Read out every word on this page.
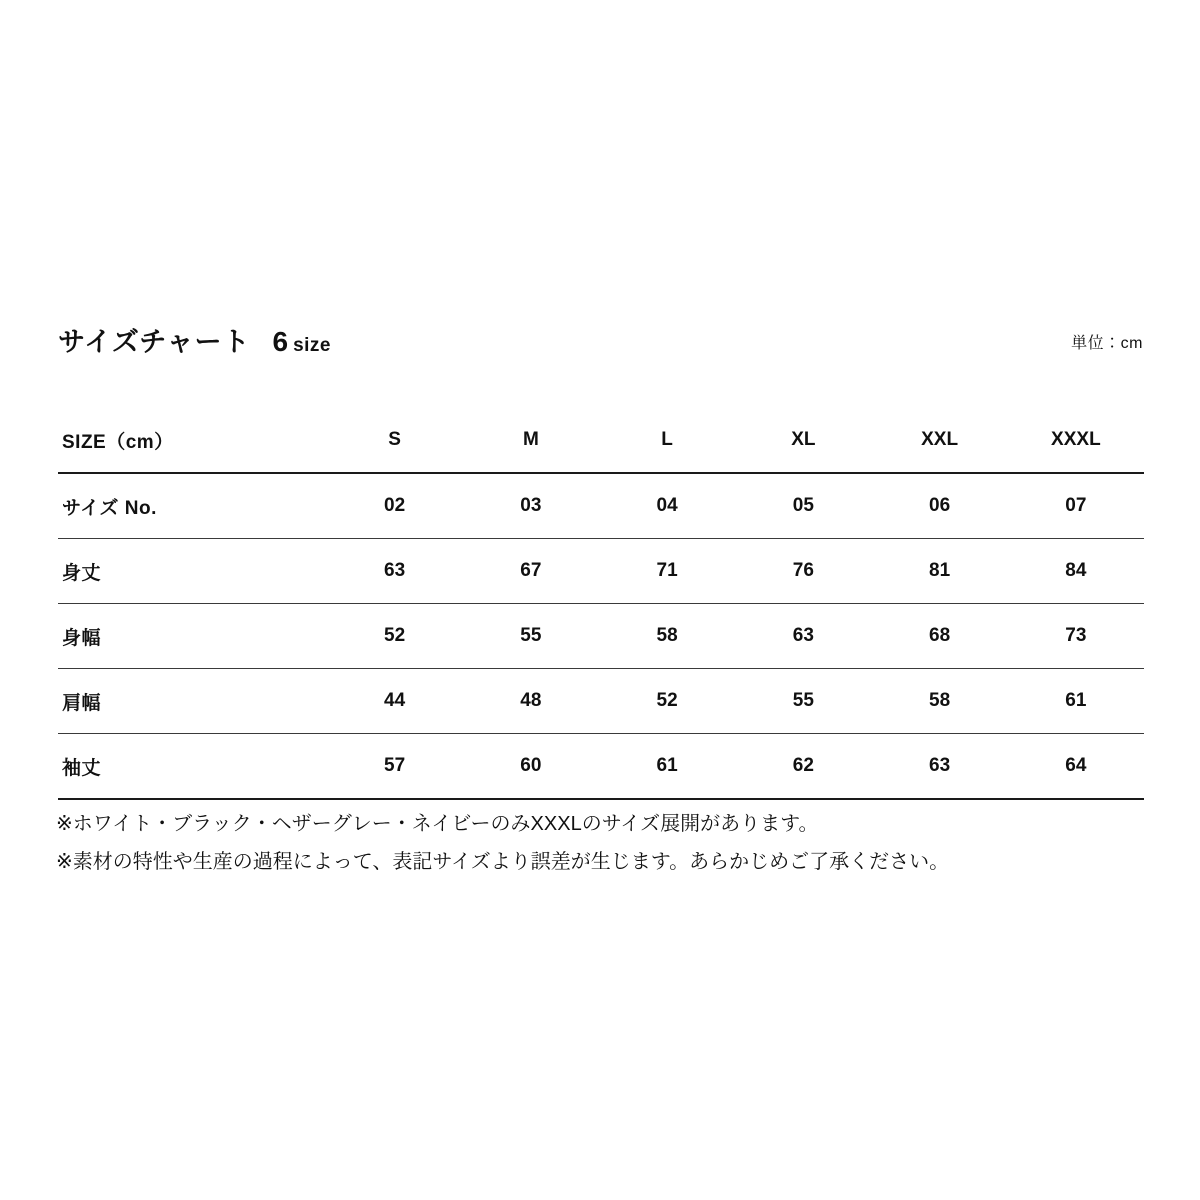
サイズチャート 6 size	単位：cm
SIZE（cm）	S	M	L	XL	XXL	XXXL
サイズ No.	02	03	04	05	06	07
身丈	63	67	71	76	81	84
身幅	52	55	58	63	68	73
肩幅	44	48	52	55	58	61
袖丈	57	60	61	62	63	64
※ホワイト・ブラック・ヘザーグレー・ネイビーのみXXXLのサイズ展開があります。
※素材の特性や生産の過程によって、表記サイズより誤差が生じます。あらかじめご了承ください。
